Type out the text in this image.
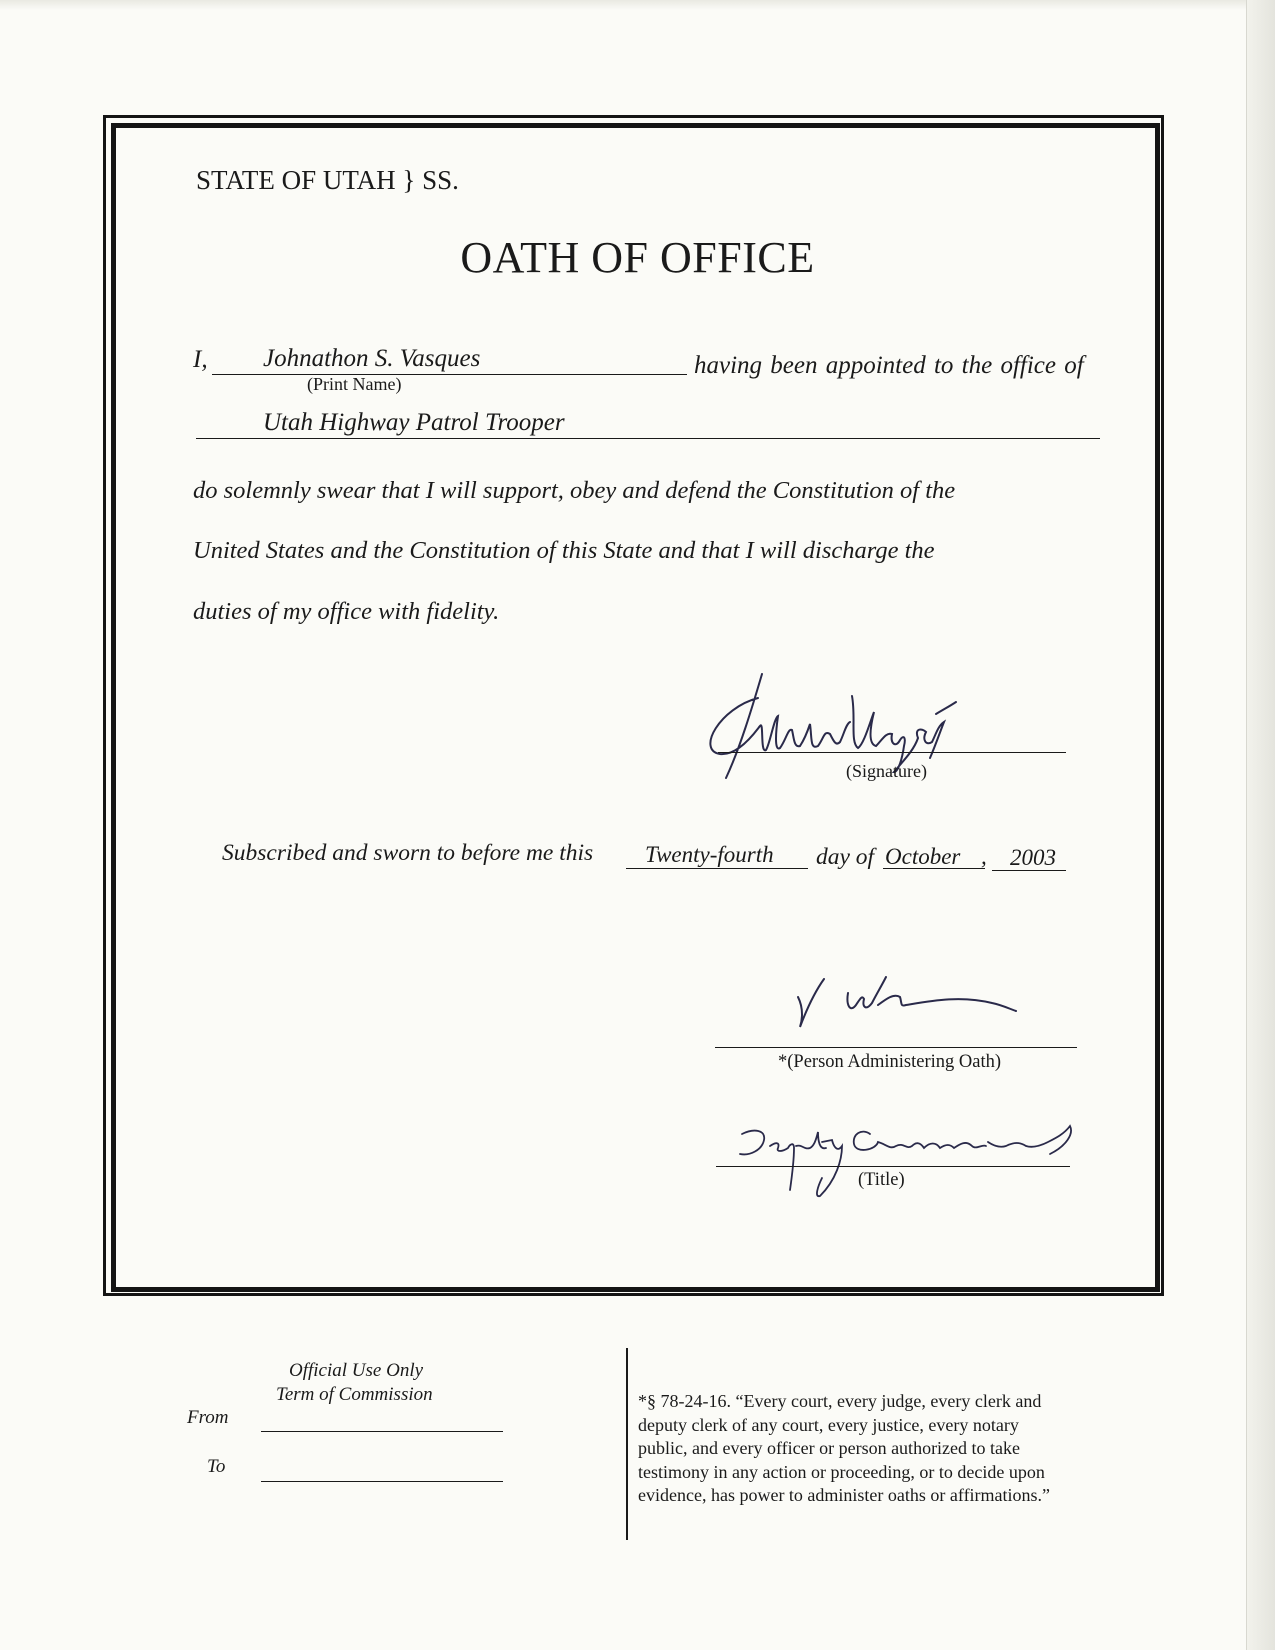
STATE OF UTAH } SS.
OATH OF OFFICE
I, Johnathon S. Vasques
(Print Name)
having been appointed to the office of
Utah Highway Patrol Trooper
do solemnly swear that I will support, obey and defend the Constitution of the
United States and the Constitution of this State and that I will discharge the
duties of my office with fidelity.
(Signature)
Subscribed and sworn to before me this Twenty-fourth day of October , 2003
*(Person Administering Oath)
(Title)
Official Use Only
Term of Commission
From
To
*§ 78-24-16. “Every court, every judge, every clerk and
deputy clerk of any court, every justice, every notary
public, and every officer or person authorized to take
testimony in any action or proceeding, or to decide upon
evidence, has power to administer oaths or affirmations.”
